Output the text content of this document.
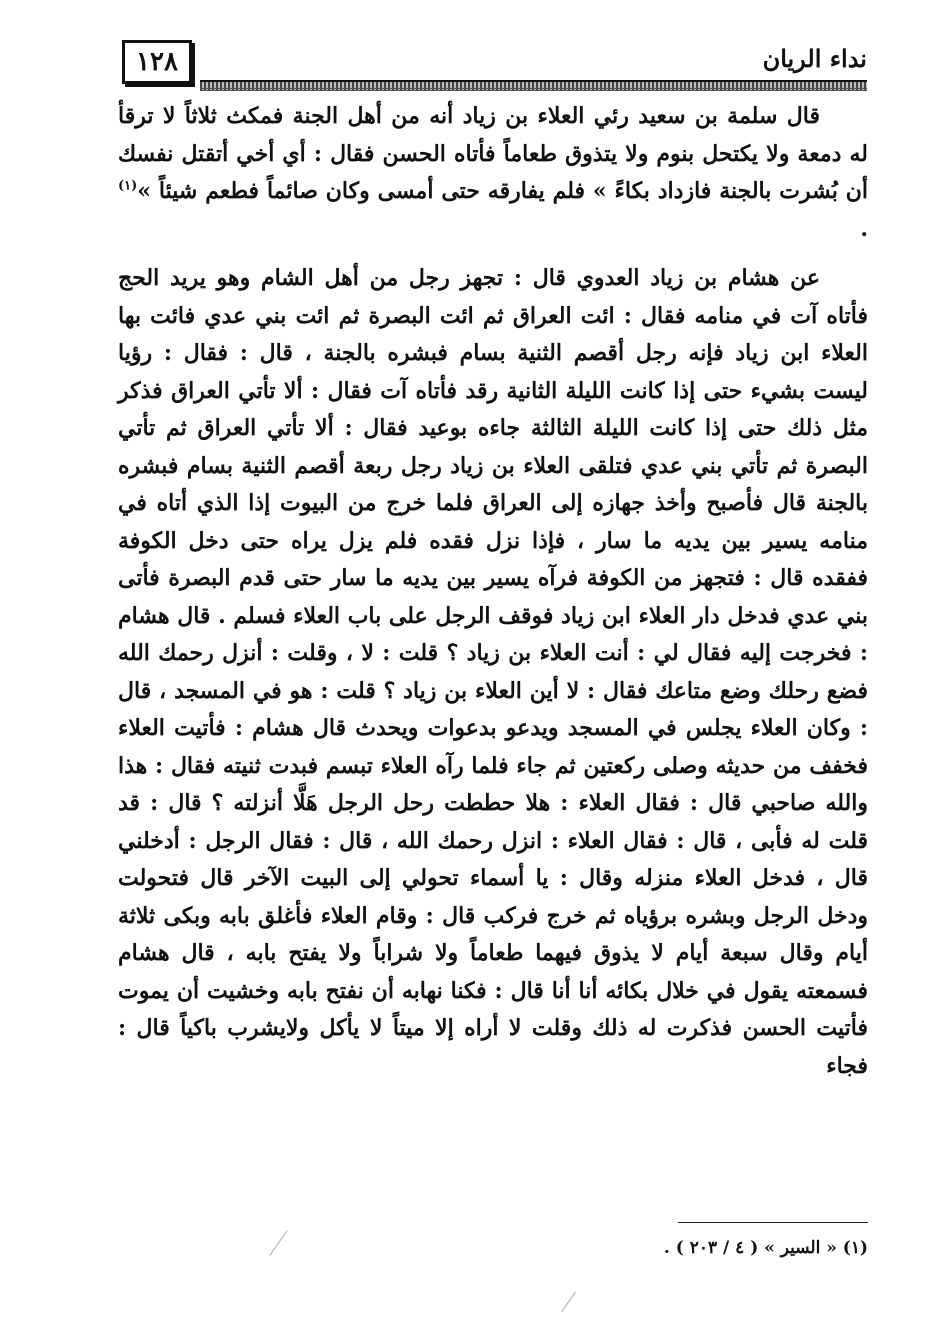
١٢٨	نداء الريان

قال سلمة بن سعيد رئي العلاء بن زياد أنه من أهل الجنة فمكث ثلاثاً لا ترقأ له دمعة ولا يكتحل بنوم ولا يتذوق طعاماً فأتاه الحسن فقال : أي أخي أتقتل نفسك أن بُشرت بالجنة فازداد بكاءً » فلم يفارقه حتى أمسى وكان صائماً فطعم شيئاً »$^{(١)}$ .

عن هشام بن زياد العدوي قال : تجهز رجل من أهل الشام وهو يريد الحج فأتاه آت في منامه فقال : ائت العراق ثم ائت البصرة ثم ائت بني عدي فائت بها العلاء ابن زياد فإنه رجل أقصم الثنية بسام فبشره بالجنة ، قال : فقال : رؤيا ليست بشيء حتى إذا كانت الليلة الثانية رقد فأتاه آت فقال : ألا تأتي العراق فذكر مثل ذلك حتى إذا كانت الليلة الثالثة جاءه بوعيد فقال : ألا تأتي العراق ثم تأتي البصرة ثم تأتي بني عدي فتلقى العلاء بن زياد رجل ربعة أقصم الثنية بسام فبشره بالجنة قال فأصبح وأخذ جهازه إلى العراق فلما خرج من البيوت إذا الذي أتاه في منامه يسير بين يديه ما سار ، فإذا نزل فقده فلم يزل يراه حتى دخل الكوفة ففقده قال : فتجهز من الكوفة فرآه يسير بين يديه ما سار حتى قدم البصرة فأتى بني عدي فدخل دار العلاء ابن زياد فوقف الرجل على باب العلاء فسلم . قال هشام : فخرجت إليه فقال لي : أنت العلاء بن زياد ؟ قلت : لا ، وقلت : أنزل رحمك الله فضع رحلك وضع متاعك فقال : لا أين العلاء بن زياد ؟ قلت : هو في المسجد ، قال : وكان العلاء يجلس في المسجد ويدعو بدعوات ويحدث قال هشام : فأتيت العلاء فخفف من حديثه وصلى ركعتين ثم جاء فلما رآه العلاء تبسم فبدت ثنيته فقال : هذا والله صاحبي قال : فقال العلاء : هلا حططت رحل الرجل هَلَّا أنزلته ؟ قال : قد قلت له فأبى ، قال : فقال العلاء : انزل رحمك الله ، قال : فقال الرجل : أدخلني قال ، فدخل العلاء منزله وقال : يا أسماء تحولي إلى البيت الآخر قال فتحولت ودخل الرجل وبشره برؤياه ثم خرج فركب قال : وقام العلاء فأغلق بابه وبكى ثلاثة أيام وقال سبعة أيام لا يذوق فيهما طعاماً ولا شراباً ولا يفتح بابه ، قال هشام فسمعته يقول في خلال بكائه أنا أنا قال : فكنا نهابه أن نفتح بابه وخشيت أن يموت فأتيت الحسن فذكرت له ذلك وقلت لا أراه إلا ميتاً لا يأكل ولايشرب باكياً قال : فجاء

(١) « السير » ( ٤ / ٢٠٣ ) .
